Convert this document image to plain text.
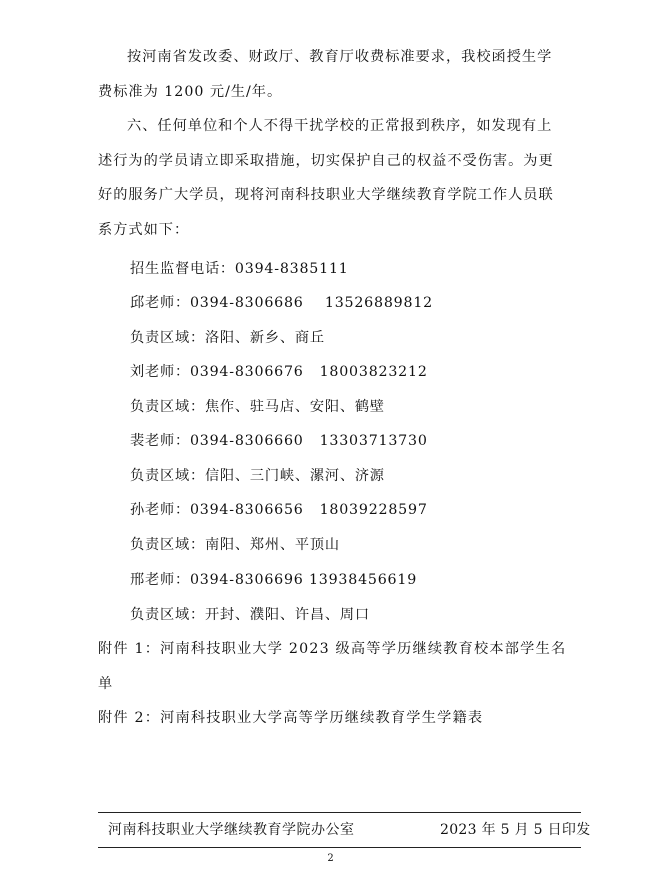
按河南省发改委、财政厅、教育厅收费标准要求，我校函授生学
费标准为 1200 元/生/年。
六、任何单位和个人不得干扰学校的正常报到秩序，如发现有上
述行为的学员请立即采取措施，切实保护自己的权益不受伤害。为更
好的服务广大学员，现将河南科技职业大学继续教育学院工作人员联
系方式如下：
招生监督电话：0394-8385111
邱老师：0394-8306686    13526889812
负责区域：洛阳、新乡、商丘
刘老师：0394-8306676   18003823212
负责区域：焦作、驻马店、安阳、鹤壁
裴老师：0394-8306660   13303713730
负责区域：信阳、三门峡、漯河、济源
孙老师：0394-8306656   18039228597
负责区域：南阳、郑州、平顶山
邢老师：0394-8306696 13938456619
负责区域：开封、濮阳、许昌、周口
附件 1：河南科技职业大学 2023 级高等学历继续教育校本部学生名
单
附件 2：河南科技职业大学高等学历继续教育学生学籍表
河南科技职业大学继续教育学院办公室	2023 年 5 月 5 日印发
2
